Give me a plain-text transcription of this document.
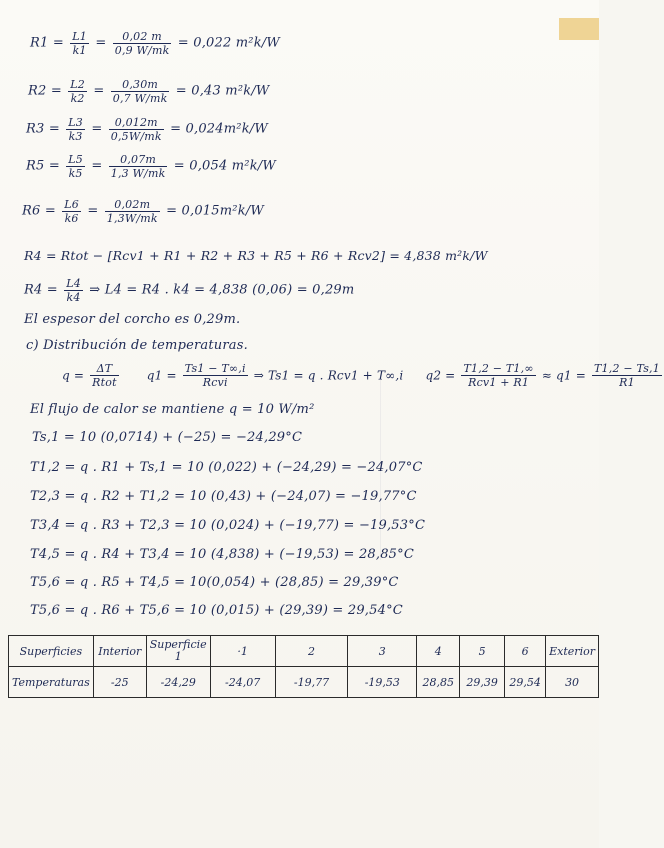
$R1 = \frac{L1}{k1} = \frac{0,02 m}{0,9 W/mk} = 0,022$ m²k/W
$R2 = \frac{L2}{k2} = \frac{0,30m}{0,7 W/mk} = 0,43$ m²k/W
$R3 = \frac{L3}{k3} = \frac{0,012m}{0,5W/mk} = 0,024m^2k/W$
$R5 = \frac{L5}{k5} = \frac{0,07m}{1,3 W/mk} = 0,054$ m²k/W
$R6 = \frac{L6}{k6} = \frac{0,02m}{1,3W/mk} = 0,015m^2k/W$
R4 = Rtot − [Rcv1 + R1 + R2 + R3 + R5 + R6 + Rcv2] = 4,838 m²k/W
$R4 = \frac{L4}{k4}$ ⇒ L4 = R4 . k4 = 4,838 (0,06) = 0,29m
El espesor del corcho es 0,29m.
c) Distribución de temperaturas.
$q = \frac{\Delta T}{\text{Rtot}} q1 = \frac{Ts1 - T\infty,i}{\text{Rcvi}}$ ⇒ Ts1 = q . Rcv1 + T∞,i $q2 = \frac{T1,2 - T1,\infty}{\text{Rcv1 + R1}} \approx q1 = \frac{T1,2 - Ts,1}{R1}$
El flujo de calor se mantiene q = 10 W/m²
Ts,1 = 10 (0,0714) + (−25) = −24,29°C
T1,2 = q . R1 + Ts,1 = 10 (0,022) + (−24,29) = −24,07°C
T2,3 = q . R2 + T1,2 = 10 (0,43) + (−24,07) = −19,77°C
T3,4 = q . R3 + T2,3 = 10 (0,024) + (−19,77) = −19,53°C
T4,5 = q . R4 + T3,4 = 10 (4,838) + (−19,53) = 28,85°C
T5,6 = q . R5 + T4,5 = 10(0,054) + (28,85) = 29,39°C
T5,6 = q . R6 + T5,6 = 10 (0,015) + (29,39) = 29,54°C
Superficies	Interior	Superficie 1	·1	2	3	4	5	6	Exterior
Temperaturas	-25	-24,29	-24,07	-19,77	-19,53	28,85	29,39	29,54	30
